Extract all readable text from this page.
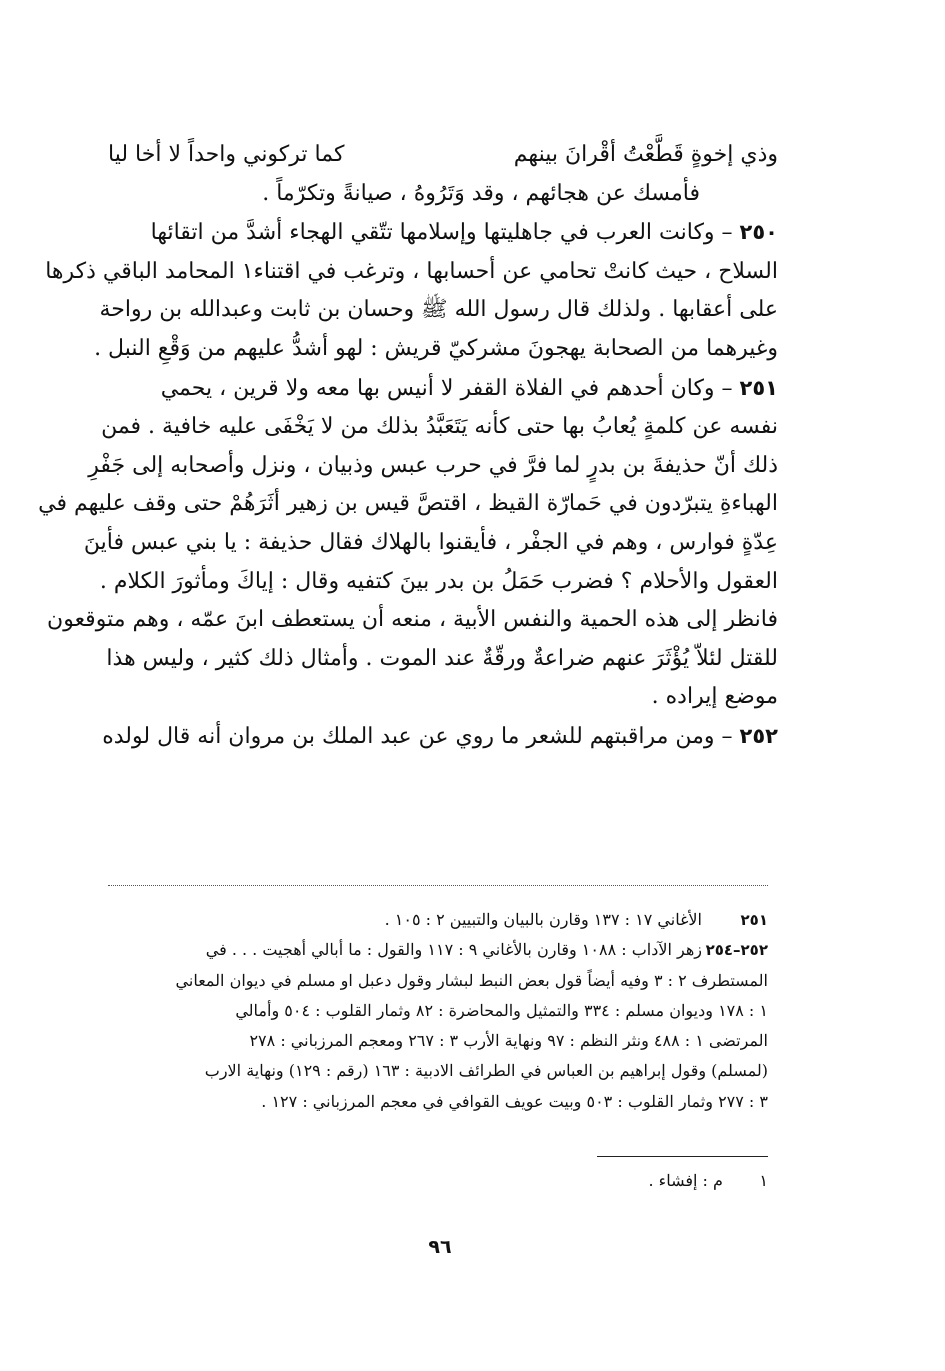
وذي إخوةٍ قَطَّعْتُ أقْرانَ بينهم
كما تركوني واحداً لا أخا ليا
فأمسك عن هجائهم ، وقد وَتَرُوهُ ، صيانةً وتكرّماً .
٢٥٠ – وكانت العرب في جاهليتها وإسلامها تتّقي الهجاء أشدَّ من اتقائها
السلاح ، حيث كانتْ تحامي عن أحسابها ، وترغب في اقتناء١ المحامد الباقي ذكرها
على أعقابها . ولذلك قال رسول الله ﷺ وحسان بن ثابت وعبدالله بن رواحة
وغيرهما من الصحابة يهجونَ مشركيّ قريش : لهو أشدُّ عليهم من وَقْعِ النبل .
٢٥١ – وكان أحدهم في الفلاة القفر لا أنيس بها معه ولا قرين ، يحمي
نفسه عن كلمةٍ يُعابُ بها حتى كأنه يَتَعَبَّدُ بذلك من لا يَخْفَى عليه خافية . فمن
ذلك أنّ حذيفةَ بن بدرٍ لما فرَّ في حرب عبس وذبيان ، ونزل وأصحابه إلى جَفْرِ
الهباءةِ يتبرّدون في حَمارّة القيظ ، اقتصَّ قيس بن زهير أثَرَهُمْ حتى وقف عليهم في
عِدّةٍ فوارس ، وهم في الجفْر ، فأيقنوا بالهلاك فقال حذيفة : يا بني عبس فأينَ
العقول والأحلام ؟ فضرب حَمَلُ بن بدر بينَ كتفيه وقال : إياكَ ومأثورَ الكلام .
فانظر إلى هذه الحمية والنفس الأبية ، منعه أن يستعطف ابنَ عمّه ، وهم متوقعون
للقتل لئلاّ يُؤْثَرَ عنهم ضراعةٌ ورقّةٌ عند الموت . وأمثال ذلك كثير ، وليس هذا
موضع إيراده .
٢٥٢ – ومن مراقبتهم للشعر ما روي عن عبد الملك بن مروان أنه قال لولده
٢٥١
الأغاني ١٧ : ١٣٧ وقارن بالبيان والتبيين ٢ : ١٠٥ .
٢٥٢–٢٥٤
زهر الآداب : ١٠٨٨ وقارن بالأغاني ٩ : ١١٧ والقول : ما أبالي أهجيت . . . في
المستطرف ٢ : ٣ وفيه أيضاً قول بعض النبط لبشار وقول دعبل او مسلم في ديوان المعاني
١ : ١٧٨ وديوان مسلم : ٣٣٤ والتمثيل والمحاضرة : ٨٢ وثمار القلوب : ٥٠٤ وأمالي
المرتضى ١ : ٤٨٨ ونثر النظم : ٩٧ ونهاية الأرب ٣ : ٢٦٧ ومعجم المرزباني : ٢٧٨
(لمسلم) وقول إبراهيم بن العباس في الطرائف الادبية : ١٦٣ (رقم : ١٢٩) ونهاية الارب
٣ : ٢٧٧ وثمار القلوب : ٥٠٣ وبيت عويف القوافي في معجم المرزباني : ١٢٧ .
١ م : إفشاء .
٩٦
